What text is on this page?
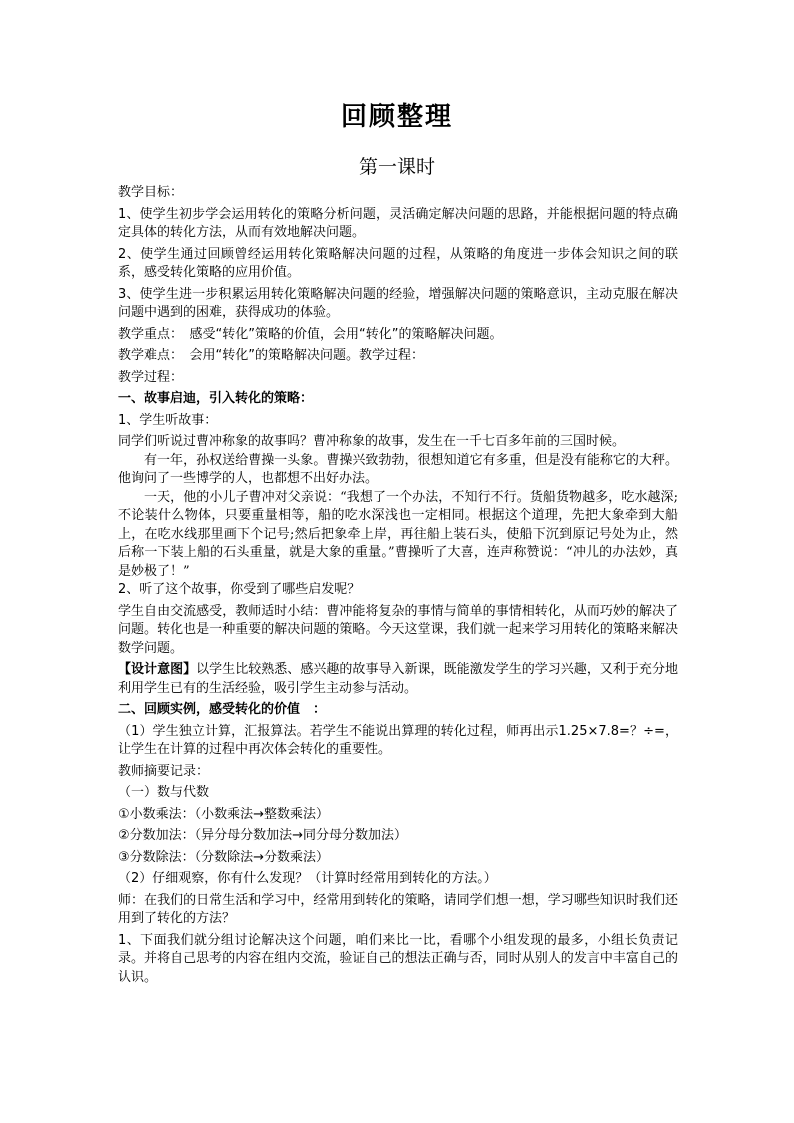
回顾整理
第一课时

教学目标：

1、使学生初步学会运用转化的策略分析问题，灵活确定解决问题的思路，并能根据问题的特点确定具体的转化方法，从而有效地解决问题。

2、使学生通过回顾曾经运用转化策略解决问题的过程，从策略的角度进一步体会知识之间的联系，感受转化策略的应用价值。

3、使学生进一步积累运用转化策略解决问题的经验，增强解决问题的策略意识，主动克服在解决问题中遇到的困难，获得成功的体验。

教学重点：　感受“转化”策略的价值，会用“转化”的策略解决问题。

教学难点：　会用“转化”的策略解决问题。教学过程：

教学过程：

一、故事启迪，引入转化的策略：

1、学生听故事：

同学们听说过曹冲称象的故事吗？曹冲称象的故事，发生在一千七百多年前的三国时候。

有一年，孙权送给曹操一头象。曹操兴致勃勃，很想知道它有多重，但是没有能称它的大秤。他询问了一些博学的人，也都想不出好办法。

一天，他的小儿子曹冲对父亲说：“我想了一个办法，不知行不行。货船货物越多，吃水越深;不论装什么物体，只要重量相等，船的吃水深浅也一定相同。根据这个道理，先把大象牵到大船上，在吃水线那里画下个记号;然后把象牵上岸，再往船上装石头，使船下沉到原记号处为止，然后称一下装上船的石头重量，就是大象的重量。”曹操听了大喜，连声称赞说：“冲儿的办法妙，真是妙极了！”

2、听了这个故事，你受到了哪些启发呢？

学生自由交流感受，教师适时小结：曹冲能将复杂的事情与简单的事情相转化，从而巧妙的解决了问题。转化也是一种重要的解决问题的策略。今天这堂课，我们就一起来学习用转化的策略来解决数学问题。

【设计意图】以学生比较熟悉、感兴趣的故事导入新课，既能激发学生的学习兴趣，又利于充分地利用学生已有的生活经验，吸引学生主动参与活动。

二、回顾实例，感受转化的价值　：

（1）学生独立计算，汇报算法。若学生不能说出算理的转化过程，师再出示1.25×7.8=？÷=，让学生在计算的过程中再次体会转化的重要性。

教师摘要记录：

（一）数与代数

①小数乘法：（小数乘法→整数乘法）

②分数加法：（异分母分数加法→同分母分数加法）

③分数除法：（分数除法→分数乘法）

（2）仔细观察，你有什么发现？（计算时经常用到转化的方法。）

师：在我们的日常生活和学习中，经常用到转化的策略，请同学们想一想，学习哪些知识时我们还用到了转化的方法？

1、下面我们就分组讨论解决这个问题，咱们来比一比，看哪个小组发现的最多，小组长负责记录。并将自己思考的内容在组内交流，验证自己的想法正确与否，同时从别人的发言中丰富自己的认识。
